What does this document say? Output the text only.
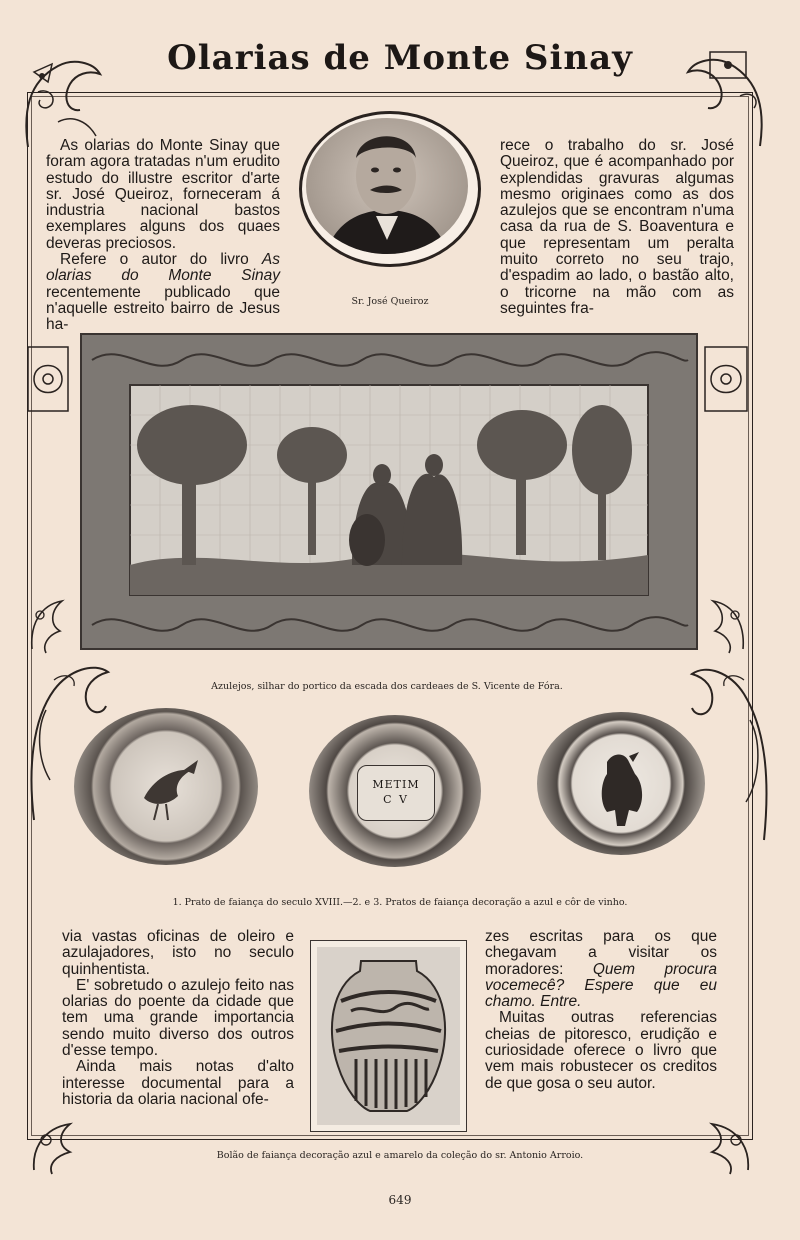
Olarias de Monte Sinay

As olarias do Monte Sinay que foram agora tratadas n'um erudito estudo do illustre escritor d'arte sr. José Queiroz, forneceram á industria nacional bastos exemplares alguns dos quaes deveras preciosos.

Refere o autor do livro As olarias do Monte Sinay recentemente publicado que n'aquelle estreito bairro de Jesus ha-

Sr. José Queiroz
rece o trabalho do sr. José Queiroz, que é acompanhado por explendidas gravuras algumas mesmo originaes como as dos azulejos que se encontram n'uma casa da rua de S. Boaventura e que representam um peralta muito correto no seu trajo, d'espadim ao lado, o bastão alto, o tricorne na mão com as seguintes fra-
Azulejos, silhar do portico da escada dos cardeaes de S. Vicente de Fóra.
METIM
C V
1. Prato de faiança do seculo XVIII.—2. e 3. Pratos de faiança decoração a azul e côr de vinho.

via vastas oficinas de oleiro e azulajadores, isto no seculo quinhentista.

E' sobretudo o azulejo feito nas olarias do poente da cidade que tem uma grande importancia sendo muito diverso dos outros d'esse tempo.

Ainda mais notas d'alto interesse documental para a historia da olaria nacional ofe-

zes escritas para os que chegavam a visitar os moradores: Quem procura vocemecê? Espere que eu chamo. Entre.

Muitas outras referencias cheias de pitoresco, erudição e curiosidade oferece o livro que vem mais robustecer os creditos de que gosa o seu autor.

Bolão de faiança decoração azul e amarelo da coleção do sr. Antonio Arroio.
649
